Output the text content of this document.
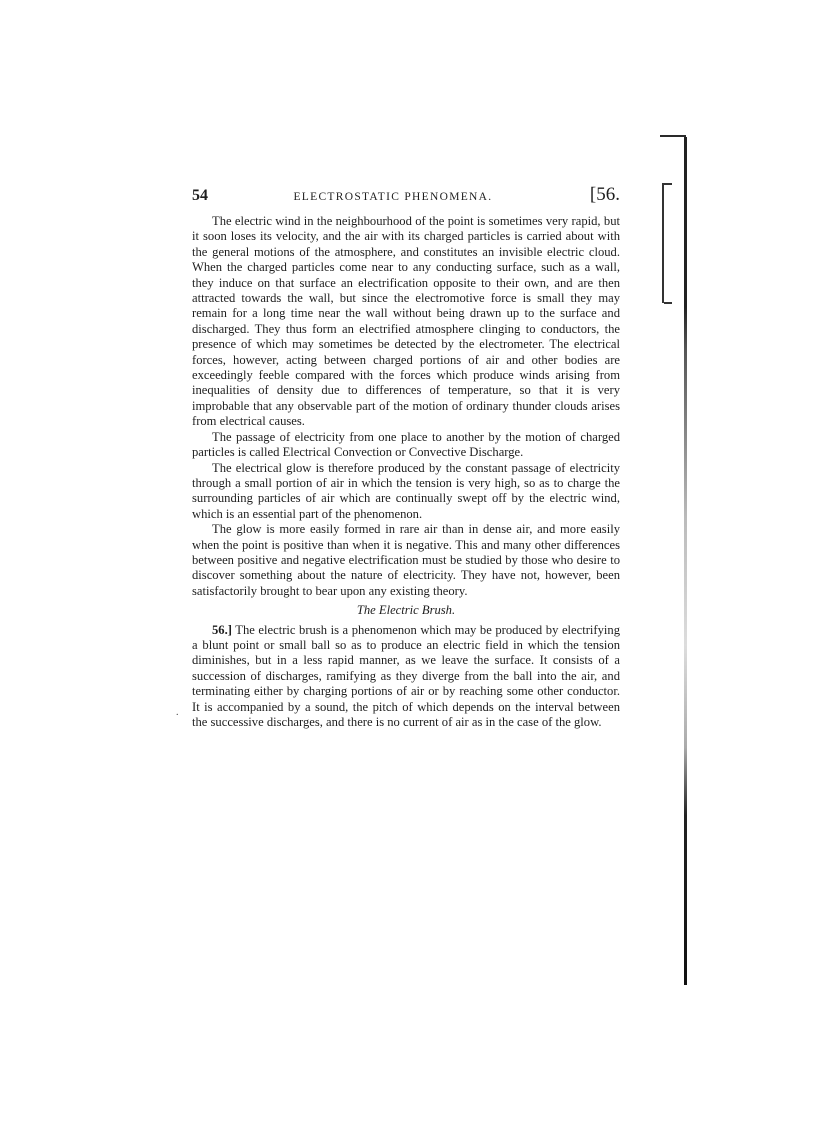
54	ELECTROSTATIC PHENOMENA.	[56.

The electric wind in the neighbourhood of the point is sometimes very rapid, but it soon loses its velocity, and the air with its charged particles is carried about with the general motions of the atmosphere, and constitutes an invisible electric cloud. When the charged particles come near to any conducting surface, such as a wall, they induce on that surface an electrification opposite to their own, and are then attracted towards the wall, but since the electromotive force is small they may remain for a long time near the wall without being drawn up to the surface and discharged. They thus form an electrified atmosphere clinging to conductors, the presence of which may sometimes be detected by the electrometer. The electrical forces, however, acting between charged portions of air and other bodies are exceedingly feeble compared with the forces which produce winds arising from inequalities of density due to differences of temperature, so that it is very improbable that any observable part of the motion of ordinary thunder clouds arises from electrical causes.

The passage of electricity from one place to another by the motion of charged particles is called Electrical Convection or Convective Discharge.

The electrical glow is therefore produced by the constant passage of electricity through a small portion of air in which the tension is very high, so as to charge the surrounding particles of air which are continually swept off by the electric wind, which is an essential part of the phenomenon.

The glow is more easily formed in rare air than in dense air, and more easily when the point is positive than when it is negative. This and many other differences between positive and negative electrification must be studied by those who desire to discover something about the nature of electricity. They have not, however, been satisfactorily brought to bear upon any existing theory.

The Electric Brush.

56.] The electric brush is a phenomenon which may be produced by electrifying a blunt point or small ball so as to produce an electric field in which the tension diminishes, but in a less rapid manner, as we leave the surface. It consists of a succession of discharges, ramifying as they diverge from the ball into the air, and terminating either by charging portions of air or by reaching some other conductor. It is accompanied by a sound, the pitch of which depends on the interval between the successive discharges, and there is no current of air as in the case of the glow.

.
